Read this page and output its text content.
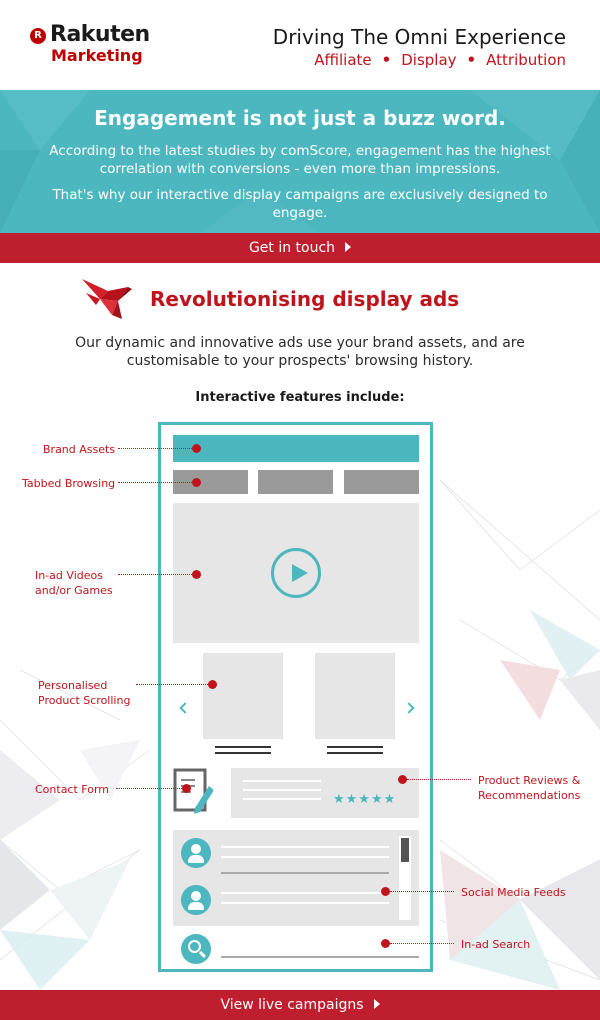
R Rakuten
Marketing
Driving The Omni Experience
Affiliate • Display • Attribution
Engagement is not just a buzz word.
According to the latest studies by comScore, engagement has the highest correlation with conversions - even more than impressions.
That's why our interactive display campaigns are exclusively designed to engage.
Get in touch
Revolutionising display ads
Our dynamic and innovative ads use your brand assets, and are customisable to your prospects' browsing history.
Interactive features include:
★★★★★
Brand Assets
Tabbed Browsing
In-ad Videos
and/or Games
Personalised
Product Scrolling
Contact Form
Product Reviews &
Recommendations
Social Media Feeds
In-ad Search
View live campaigns
